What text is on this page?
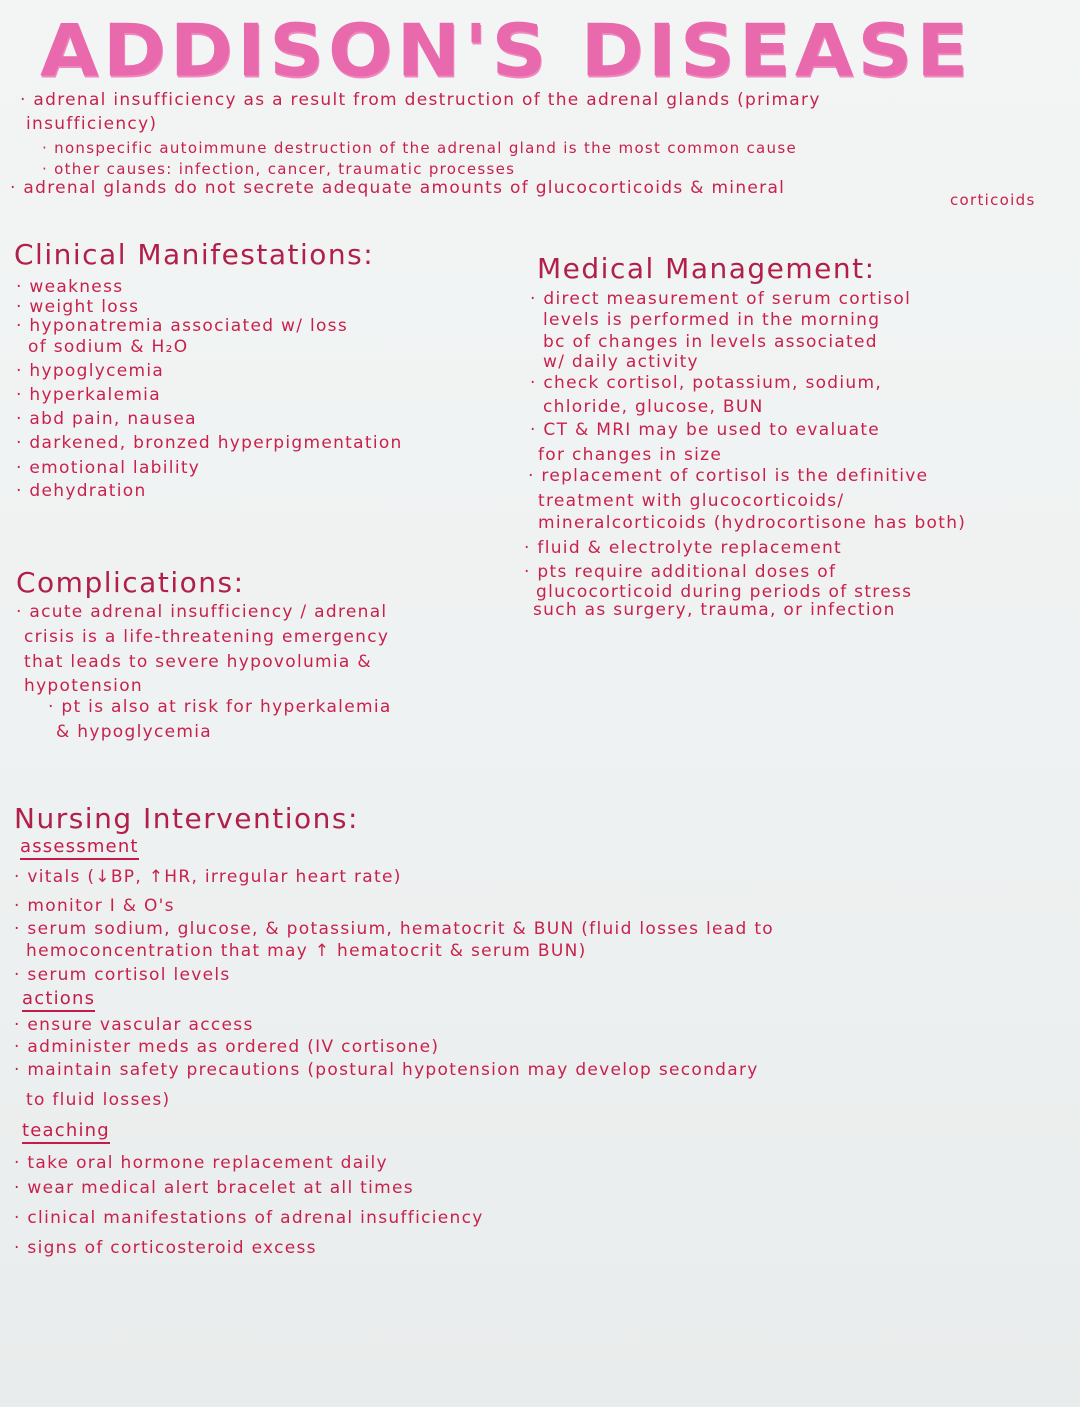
ADDISON'S DISEASE
· adrenal insufficiency as a result from destruction of the adrenal glands (primary
insufficiency)
· nonspecific autoimmune destruction of the adrenal gland is the most common cause
· other causes: infection, cancer, traumatic processes
· adrenal glands do not secrete adequate amounts of glucocorticoids & mineral
corticoids
Clinical Manifestations:
· weakness
· weight loss
· hyponatremia associated w/ loss
of sodium & H₂O
· hypoglycemia
· hyperkalemia
· abd pain, nausea
· darkened, bronzed hyperpigmentation
· emotional lability
· dehydration
Complications:
· acute adrenal insufficiency / adrenal
crisis is a life-threatening emergency
that leads to severe hypovolumia &
hypotension
· pt is also at risk for hyperkalemia
& hypoglycemia
Medical Management:
· direct measurement of serum cortisol
levels is performed in the morning
bc of changes in levels associated
w/ daily activity
· check cortisol, potassium, sodium,
chloride, glucose, BUN
· CT & MRI may be used to evaluate
for changes in size
· replacement of cortisol is the definitive
treatment with glucocorticoids/
mineralcorticoids (hydrocortisone has both)
· fluid & electrolyte replacement
· pts require additional doses of
glucocorticoid during periods of stress
such as surgery, trauma, or infection
Nursing Interventions:
assessment
· vitals (↓BP, ↑HR, irregular heart rate)
· monitor I & O's
· serum sodium, glucose, & potassium, hematocrit & BUN (fluid losses lead to
hemoconcentration that may ↑ hematocrit & serum BUN)
· serum cortisol levels
actions
· ensure vascular access
· administer meds as ordered (IV cortisone)
· maintain safety precautions (postural hypotension may develop secondary
to fluid losses)
teaching
· take oral hormone replacement daily
· wear medical alert bracelet at all times
· clinical manifestations of adrenal insufficiency
· signs of corticosteroid excess
